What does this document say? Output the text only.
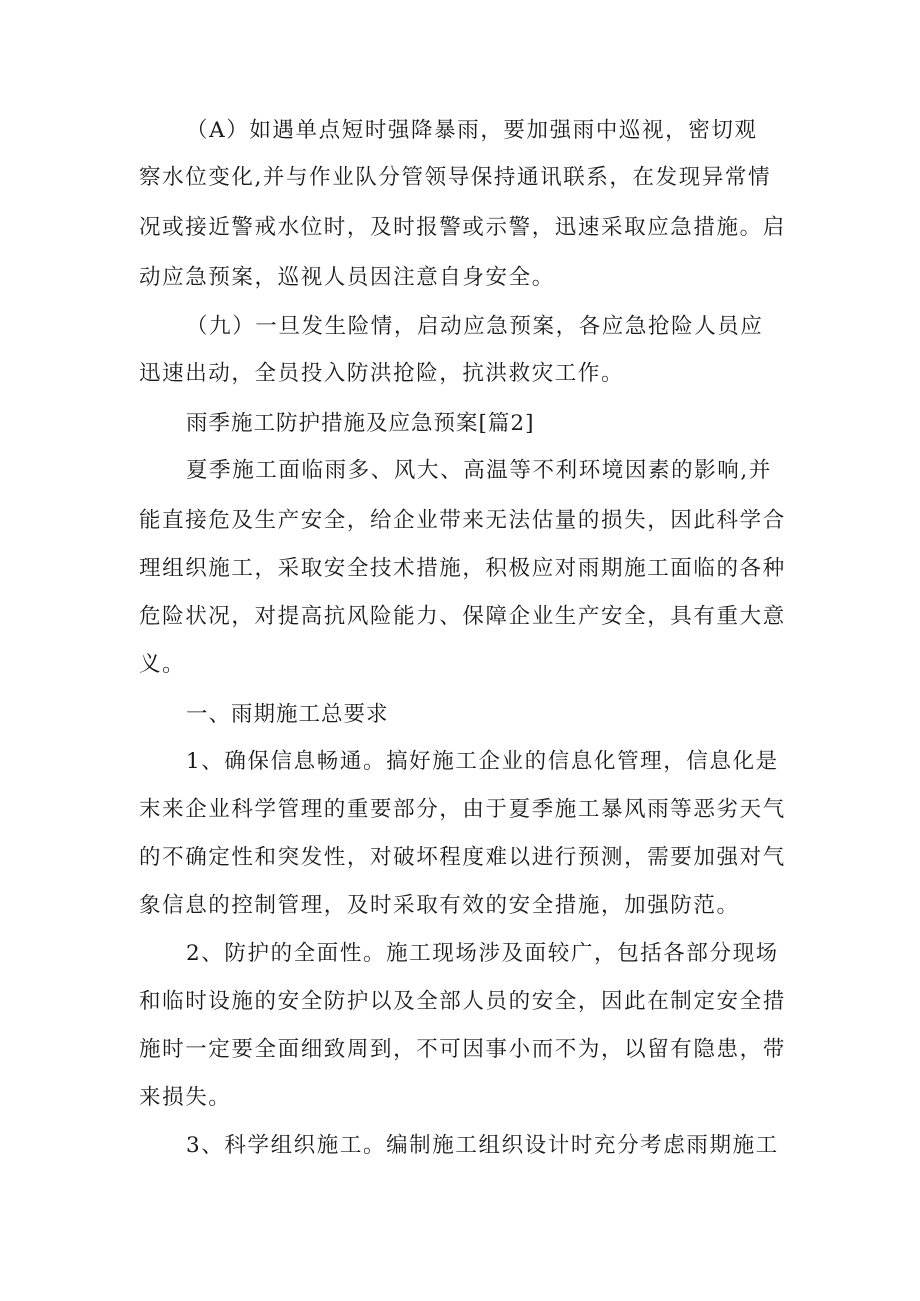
（A）如遇单点短时强降暴雨，要加强雨中巡视，密切观

察水位变化,并与作业队分管领导保持通讯联系，在发现异常情

况或接近警戒水位时，及时报警或示警，迅速采取应急措施。启

动应急预案，巡视人员因注意自身安全。

（九）一旦发生险情，启动应急预案，各应急抢险人员应

迅速出动，全员投入防洪抢险，抗洪救灾工作。

雨季施工防护措施及应急预案[篇2]

夏季施工面临雨多、风大、高温等不利环境因素的影响,并

能直接危及生产安全，给企业带来无法估量的损失，因此科学合

理组织施工，采取安全技术措施，积极应对雨期施工面临的各种

危险状况，对提高抗风险能力、保障企业生产安全，具有重大意

义。

一、雨期施工总要求

1、确保信息畅通。搞好施工企业的信息化管理，信息化是

末来企业科学管理的重要部分，由于夏季施工暴风雨等恶劣天气

的不确定性和突发性，对破坏程度难以进行预测，需要加强对气

象信息的控制管理，及时采取有效的安全措施，加强防范。

2、防护的全面性。施工现场涉及面较广，包括各部分现场

和临时设施的安全防护以及全部人员的安全，因此在制定安全措

施时一定要全面细致周到，不可因事小而不为，以留有隐患，带

来损失。

3、科学组织施工。编制施工组织设计时充分考虑雨期施工
